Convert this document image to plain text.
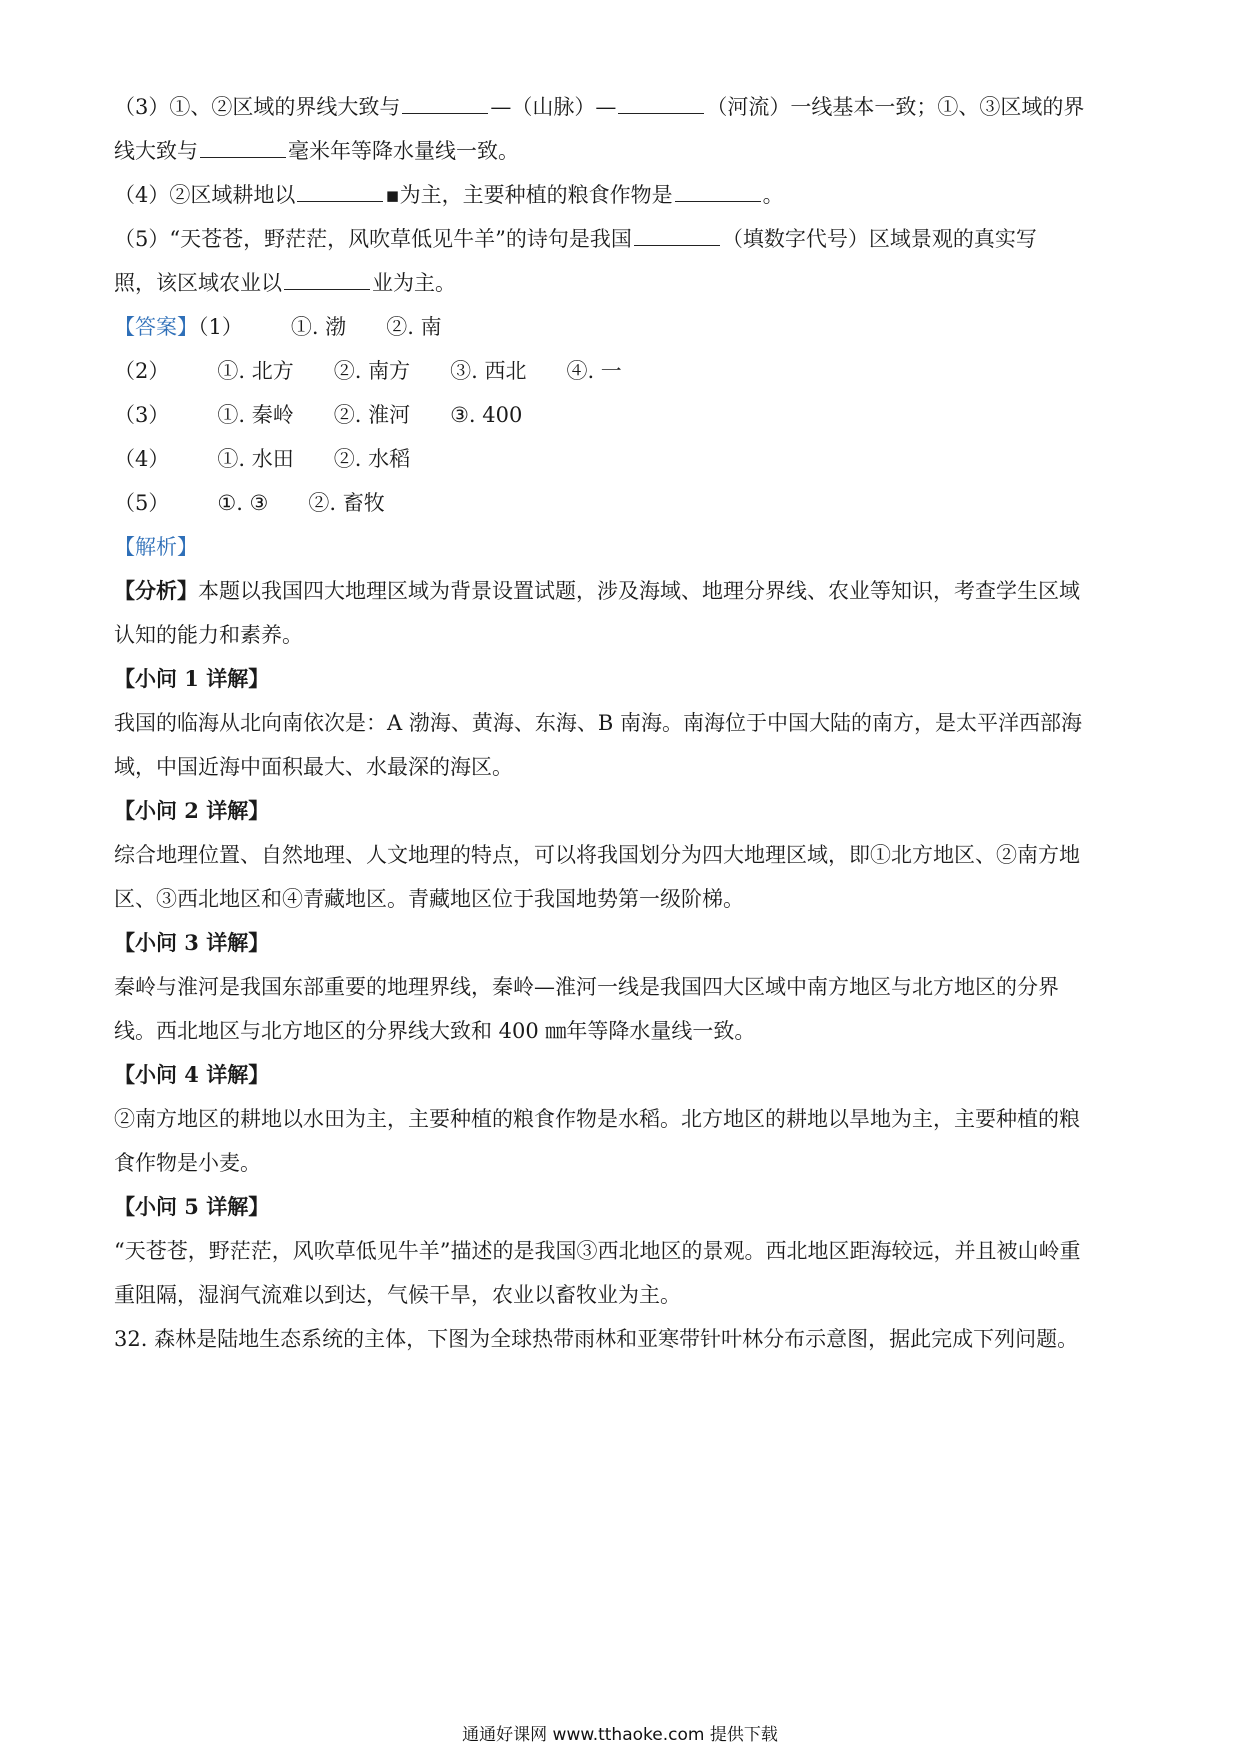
（3）①、②区域的界线大致与	—（山脉）—	（河流）一线基本一致；①、③区域的界
线大致与	毫米年等降水量线一致。
（4）②区域耕地以	▪为主，主要种植的粮食作物是	。
（5）“天苍苍，野茫茫，风吹草低见牛羊”的诗句是我国	（填数字代号）区域景观的真实写
照，该区域农业以	业为主。
【答案】（1） ①. 渤 ②. 南
（2） ①. 北方 ②. 南方 ③. 西北 ④. 一
（3） ①. 秦岭 ②. 淮河 ③. 400
（4） ①. 水田 ②. 水稻
（5） ①. ③ ②. 畜牧
【解析】
【分析】本题以我国四大地理区域为背景设置试题，涉及海域、地理分界线、农业等知识，考查学生区域
认知的能力和素养。
【小问 1 详解】
我国的临海从北向南依次是：A 渤海、黄海、东海、B 南海。南海位于中国大陆的南方，是太平洋西部海
域，中国近海中面积最大、水最深的海区。
【小问 2 详解】
综合地理位置、自然地理、人文地理的特点，可以将我国划分为四大地理区域，即①北方地区、②南方地
区、③西北地区和④青藏地区。青藏地区位于我国地势第一级阶梯。
【小问 3 详解】
秦岭与淮河是我国东部重要的地理界线，秦岭—淮河一线是我国四大区域中南方地区与北方地区的分界
线。西北地区与北方地区的分界线大致和 400 ㎜年等降水量线一致。
【小问 4 详解】
②南方地区的耕地以水田为主，主要种植的粮食作物是水稻。北方地区的耕地以旱地为主，主要种植的粮
食作物是小麦。
【小问 5 详解】
“天苍苍，野茫茫，风吹草低见牛羊”描述的是我国③西北地区的景观。西北地区距海较远，并且被山岭重
重阻隔，湿润气流难以到达，气候干旱，农业以畜牧业为主。
32. 森林是陆地生态系统的主体，下图为全球热带雨林和亚寒带针叶林分布示意图，据此完成下列问题。
通通好课网 www.tthaoke.com 提供下载
